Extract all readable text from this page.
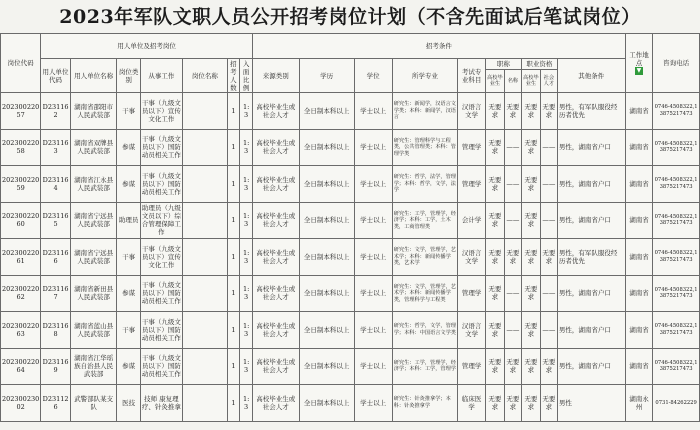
2023年军队文职人员公开招考岗位计划（不含先面试后笔试岗位）
岗位代码	用人单位及招考岗位							招考条件										工作地点
▼	咨询电话
	用人单位代码	用人单位名称	岗位类别	从事工作	岗位名称	招考人数	入面比例	来源类别	学历	学位	所学专业	考试专业科目	职称		职业资格		其他条件		
													高校毕业生	名称	高校毕业生	社会人才			
20230022057	D231162	湖南省邵阳市人民武装部	干事	干事（九级文员以下）宣传文化工作		1	1:3	高校毕业生或社会人才	全日制本科以上	学士以上	研究生：新闻学，汉语言文学类；本科：新闻学，汉语言	汉语言文学	无要求	无要求	无要求	无要求	男性，有军队服役经历者优先	湖南省	0746-4508322,13875217473
20230022058	D231163	湖南省双牌县人民武装部	参谋	干事（九级文员以下）国防动员相关工作		1	1:3	高校毕业生或社会人才	全日制本科以上	学士以上	研究生：管理科学与工程类，公共管理类；本科：管理学类	管理学	无要求	——	无要求	——	男性，湖南省户口	湖南省	0746-4508322,13875217473
20230022059	D231164	湖南省江永县人民武装部	参谋	干事（九级文员以下）国防动员相关工作		1	1:3	高校毕业生或社会人才	全日制本科以上	学士以上	研究生：哲学，法学，管理学；本科：哲学，文学，法学	管理学	无要求	——	无要求	——	男性，湖南省户口	湖南省	0746-4508322,13875217473
20230022060	D231165	湖南省宁远县人民武装部	助理员	助理员（九级文员以下）综合管理保障工作		1	1:3	高校毕业生或社会人才	全日制本科以上	学士以上	研究生：工学，管理学，经济学；本科：工学，土木类，工商管理类	会计学	无要求	——	无要求	——	男性，湖南省户口	湖南省	0746-4508322,13875217473
20230022061	D231166	湖南省宁远县人民武装部	干事	干事（九级文员以下）宣传文化工作		1	1:3	高校毕业生或社会人才	全日制本科以上	学士以上	研究生：文学，管理学，艺术学；本科：新闻传播学类，艺术学	汉语言文学	无要求	无要求	无要求	无要求	男性，有军队服役经历者优先	湖南省	0746-4508322,13875217473
20230022062	D231167	湖南省新田县人民武装部	参谋	干事（九级文员以下）国防动员相关工作		1	1:3	高校毕业生或社会人才	全日制本科以上	学士以上	研究生：文学，管理学，艺术学；本科：新闻传播学类，管理科学与工程类	管理学	无要求	——	无要求	——	男性，湖南省户口	湖南省	0746-4508322,13875217473
20230022063	D231168	湖南省蓝山县人民武装部	干事	干事（九级文员以下）国防动员相关工作		1	1:3	高校毕业生或社会人才	全日制本科以上	学士以上	研究生：哲学，文学，管理学；本科：中国语言文学类	汉语言文学	无要求	——	无要求	——	男性，湖南省户口	湖南省	0746-4508322,13875217473
20230022064	D231169	湖南省江华瑶族自治县人民武装部	参谋	干事（九级文员以下）国防动员相关工作		1	1:3	高校毕业生或社会人才	全日制本科以上	学士以上	研究生：工学，管理学，经济学；本科：工学，管理学	管理学	无要求	无要求	无要求	无要求	男性，湖南省户口	湖南省	0746-4508322,13875217473
20230023002	D231126	武警部队某支队	医技	技师 康复理疗、针灸推拿		1	1:3	高校毕业生或社会人才	全日制本科以上	学士以上	研究生：针灸推拿学；本科：针灸推拿学	临床医学	无要求	无要求	无要求	无要求	男性	湖南永州	0731-84262229
